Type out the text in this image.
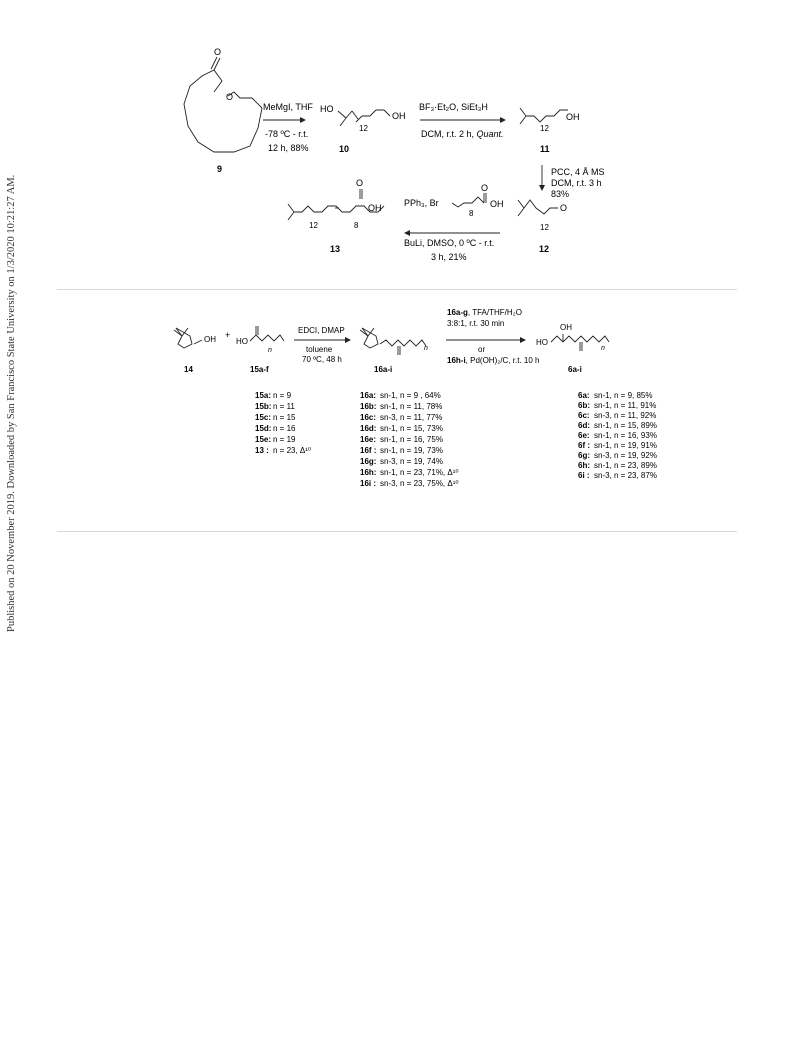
Published on 20 November 2019. Downloaded by San Francisco State University on 1/3/2020 10:21:27 AM.
O
O
9
MeMgI, THF
-78 ºC - r.t.
12 h, 88%
HO
12
OH
10
BF₃·Et₂O, SiEt₃H
DCM, r.t. 2 h, Quant.
12
OH
11
PCC, 4 Å MS
DCM, r.t. 3 h
83%
12
O
12
PPh₃, Br
O
OH
8
BuLi, DMSO, 0 ºC - r.t.
3 h, 21%
O
OH
12	8
13
OH
14
+
HO
n
15a-f
EDCI, DMAP
toluene
70 ºC, 48 h
n
16a-i
16a-g, TFA/THF/H₂O
3:8:1, r.t. 30 min
or
16h-i, Pd(OH)₂/C, r.t. 10 h
HO
OH
n
6a-i
15a: n = 9
15b: n = 11
15c: n = 15
15d: n = 16
15e: n = 19
13 : n = 23, Δ¹⁰
16a: sn-1, n = 9 , 64%
16b: sn-1, n = 11, 78%
16c: sn-3, n = 11, 77%
16d: sn-1, n = 15, 73%
16e: sn-1, n = 16, 75%
16f : sn-1, n = 19, 73%
16g: sn-3, n = 19, 74%
16h: sn-1, n = 23, 71%, Δ¹⁰
16i : sn-3, n = 23, 75%, Δ¹⁰
6a: sn-1, n = 9, 85%
6b: sn-1, n = 11, 91%
6c: sn-3, n = 11, 92%
6d: sn-1, n = 15, 89%
6e: sn-1, n = 16, 93%
6f : sn-1, n = 19, 91%
6g: sn-3, n = 19, 92%
6h: sn-1, n = 23, 89%
6i : sn-3, n = 23, 87%
